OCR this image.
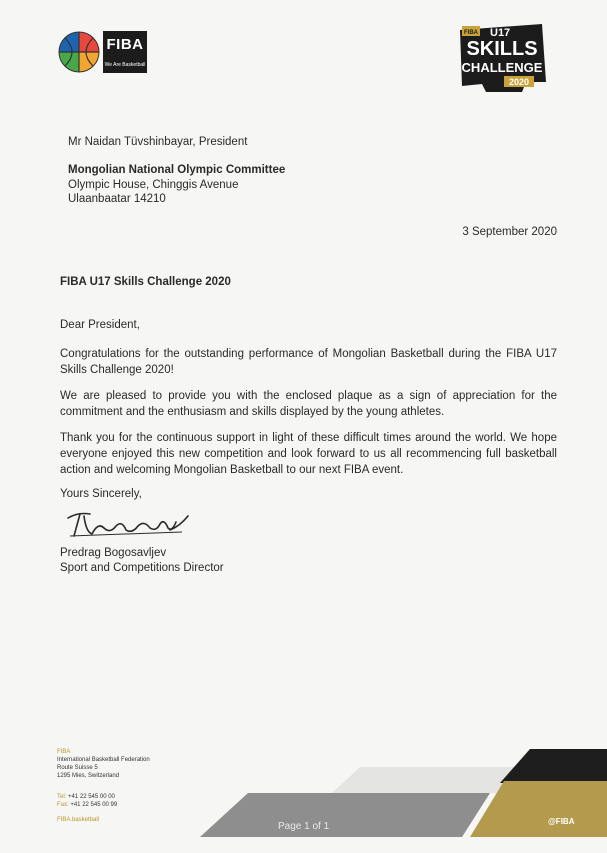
FIBA
We Are Basketball
FIBA U17
SKILLS
CHALLENGE
2020
Mr Naidan Tüvshinbayar, President
Mongolian National Olympic Committee
Olympic House, Chinggis Avenue
Ulaanbaatar 14210
3 September 2020
FIBA U17 Skills Challenge 2020
Dear President,
Congratulations for the outstanding performance of Mongolian Basketball during the FIBA U17 Skills Challenge 2020!
We are pleased to provide you with the enclosed plaque as a sign of appreciation for the commitment and the enthusiasm and skills displayed by the young athletes.
Thank you for the continuous support in light of these difficult times around the world. We hope everyone enjoyed this new competition and look forward to us all recommencing full basketball action and welcoming Mongolian Basketball to our next FIBA event.
Yours Sincerely,
Predrag Bogosavljev
Sport and Competitions Director
FIBA
International Basketball Federation
Route Suisse 5
1295 Mies, Switzerland
Tel: +41 22 545 00 00
Fax: +41 22 545 00 99
FIBA.basketball
Page 1 of 1	@FIBA
